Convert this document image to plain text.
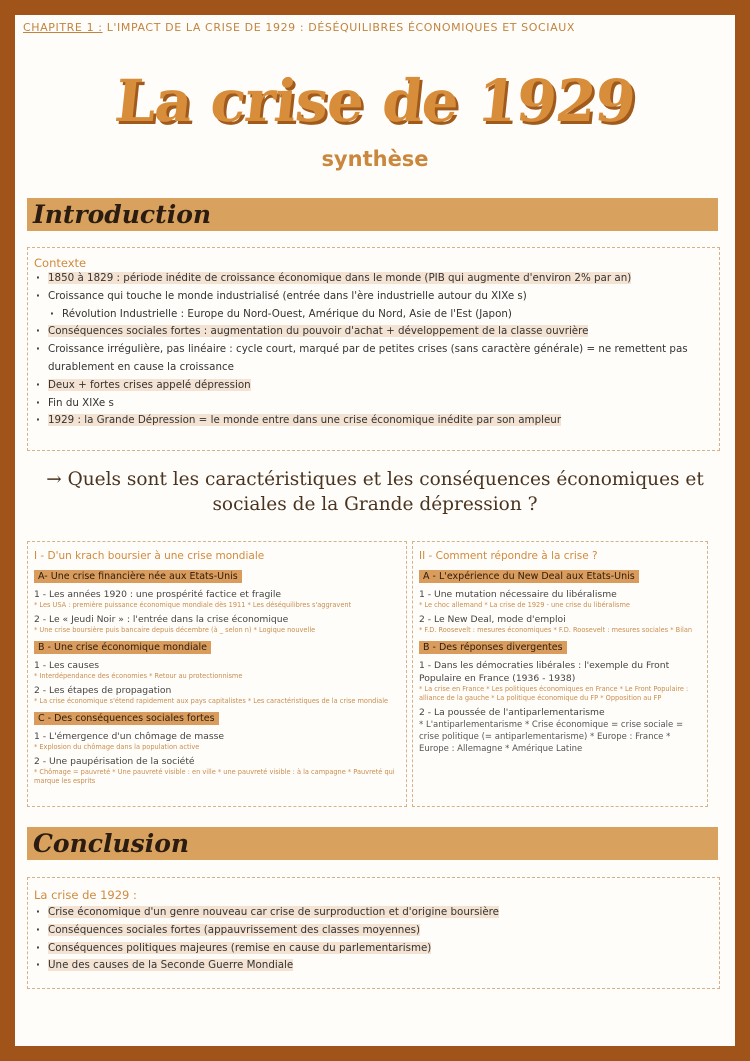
CHAPITRE 1 : L'IMPACT DE LA CRISE DE 1929 : DÉSÉQUILIBRES ÉCONOMIQUES ET SOCIAUX
La crise de 1929
synthèse
Introduction
Contexte
· 1850 à 1829 : période inédite de croissance économique dans le monde (PIB qui augmente d'environ 2% par an)
· Croissance qui touche le monde industrialisé (entrée dans l'ère industrielle autour du XIXe s)
· Révolution Industrielle : Europe du Nord-Ouest, Amérique du Nord, Asie de l'Est (Japon)
· Conséquences sociales fortes : augmentation du pouvoir d'achat + développement de la classe ouvrière
· Croissance irrégulière, pas linéaire : cycle court, marqué par de petites crises (sans caractère générale) = ne remettent pas durablement en cause la croissance
· Deux + fortes crises appelé dépression
· Fin du XIXe s
· 1929 : la Grande Dépression = le monde entre dans une crise économique inédite par son ampleur
→ Quels sont les caractéristiques et les conséquences économiques et sociales de la Grande dépression ?
I - D'un krach boursier à une crise mondiale
A- Une crise financière née aux Etats-Unis
1 - Les années 1920 : une prospérité factice et fragile
* Les USA : première puissance économique mondiale dès 1911 * Les déséquilibres s'aggravent
2 - Le « Jeudi Noir » : l'entrée dans la crise économique
* Une crise boursière puis bancaire depuis décembre (à _ selon n) * Logique nouvelle
B - Une crise économique mondiale
1 - Les causes
* Interdépendance des économies * Retour au protectionnisme
2 - Les étapes de propagation
* La crise économique s'étend rapidement aux pays capitalistes * Les caractéristiques de la crise mondiale
C - Des conséquences sociales fortes
1 - L'émergence d'un chômage de masse
* Explosion du chômage dans la population active
2 - Une paupérisation de la société
* Chômage = pauvreté * Une pauvreté visible : en ville * une pauvreté visible : à la campagne * Pauvreté qui marque les esprits
II - Comment répondre à la crise ?
A - L'expérience du New Deal aux Etats-Unis
1 - Une mutation nécessaire du libéralisme
* Le choc allemand * La crise de 1929 - une crise du libéralisme
2 - Le New Deal, mode d'emploi
* F.D. Roosevelt : mesures économiques * F.D. Roosevelt : mesures sociales * Bilan
B - Des réponses divergentes
1 - Dans les démocraties libérales : l'exemple du Front Populaire en France (1936 - 1938)
* La crise en France * Les politiques économiques en France * Le Front Populaire : alliance de la gauche * La politique économique du FP * Opposition au FP
2 - La poussée de l'antiparlementarisme
* L'antiparlementarisme * Crise économique = crise sociale = crise politique (= antiparlementarisme) * Europe : France * Europe : Allemagne * Amérique Latine
Conclusion
La crise de 1929 :
· Crise économique d'un genre nouveau car crise de surproduction et d'origine boursière
· Conséquences sociales fortes (appauvrissement des classes moyennes)
· Conséquences politiques majeures (remise en cause du parlementarisme)
· Une des causes de la Seconde Guerre Mondiale
